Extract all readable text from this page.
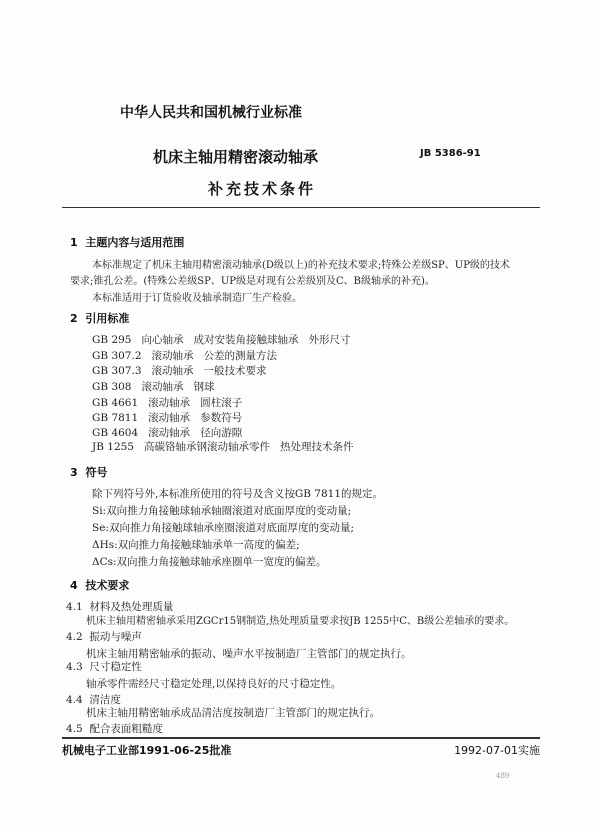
中华人民共和国机械行业标准
机床主轴用精密滚动轴承
补充技术条件
JB 5386-91
1 主题内容与适用范围
本标准规定了机床主轴用精密滚动轴承(D级以上)的补充技术要求;特殊公差级SP、UP级的技术
要求;锥孔公差。(特殊公差级SP、UP级是对现有公差级别及C、B级轴承的补充)。
本标准适用于订货验收及轴承制造厂生产检验。
2 引用标准
GB 295   向心轴承   成对安装角接触球轴承   外形尺寸
GB 307.2   滚动轴承   公差的测量方法
GB 307.3   滚动轴承   一般技术要求
GB 308   滚动轴承   钢球
GB 4661   滚动轴承   圆柱滚子
GB 7811   滚动轴承   参数符号
GB 4604   滚动轴承   径向游隙
JB 1255   高碳铬轴承钢滚动轴承零件   热处理技术条件
3 符号
除下列符号外,本标准所使用的符号及含义按GB 7811的规定。
Si:双向推力角接触球轴承轴圈滚道对底面厚度的变动量;
Se:双向推力角接触球轴承座圈滚道对底面厚度的变动量;
ΔHs:双向推力角接触球轴承单一高度的偏差;
ΔCs:双向推力角接触球轴承座圈单一宽度的偏差。
4 技术要求
4.1 材料及热处理质量
机床主轴用精密轴承采用ZGCr15钢制造,热处理质量要求按JB 1255中C、B级公差轴承的要求。
4.2 振动与噪声
机床主轴用精密轴承的振动、噪声水平按制造厂主管部门的规定执行。
4.3 尺寸稳定性
轴承零件需经尺寸稳定处理,以保持良好的尺寸稳定性。
4.4 清洁度
机床主轴用精密轴承成品清洁度按制造厂主管部门的规定执行。
4.5 配合表面粗糙度
机械电子工业部1991-06-25批准	1992-07-01实施
489
